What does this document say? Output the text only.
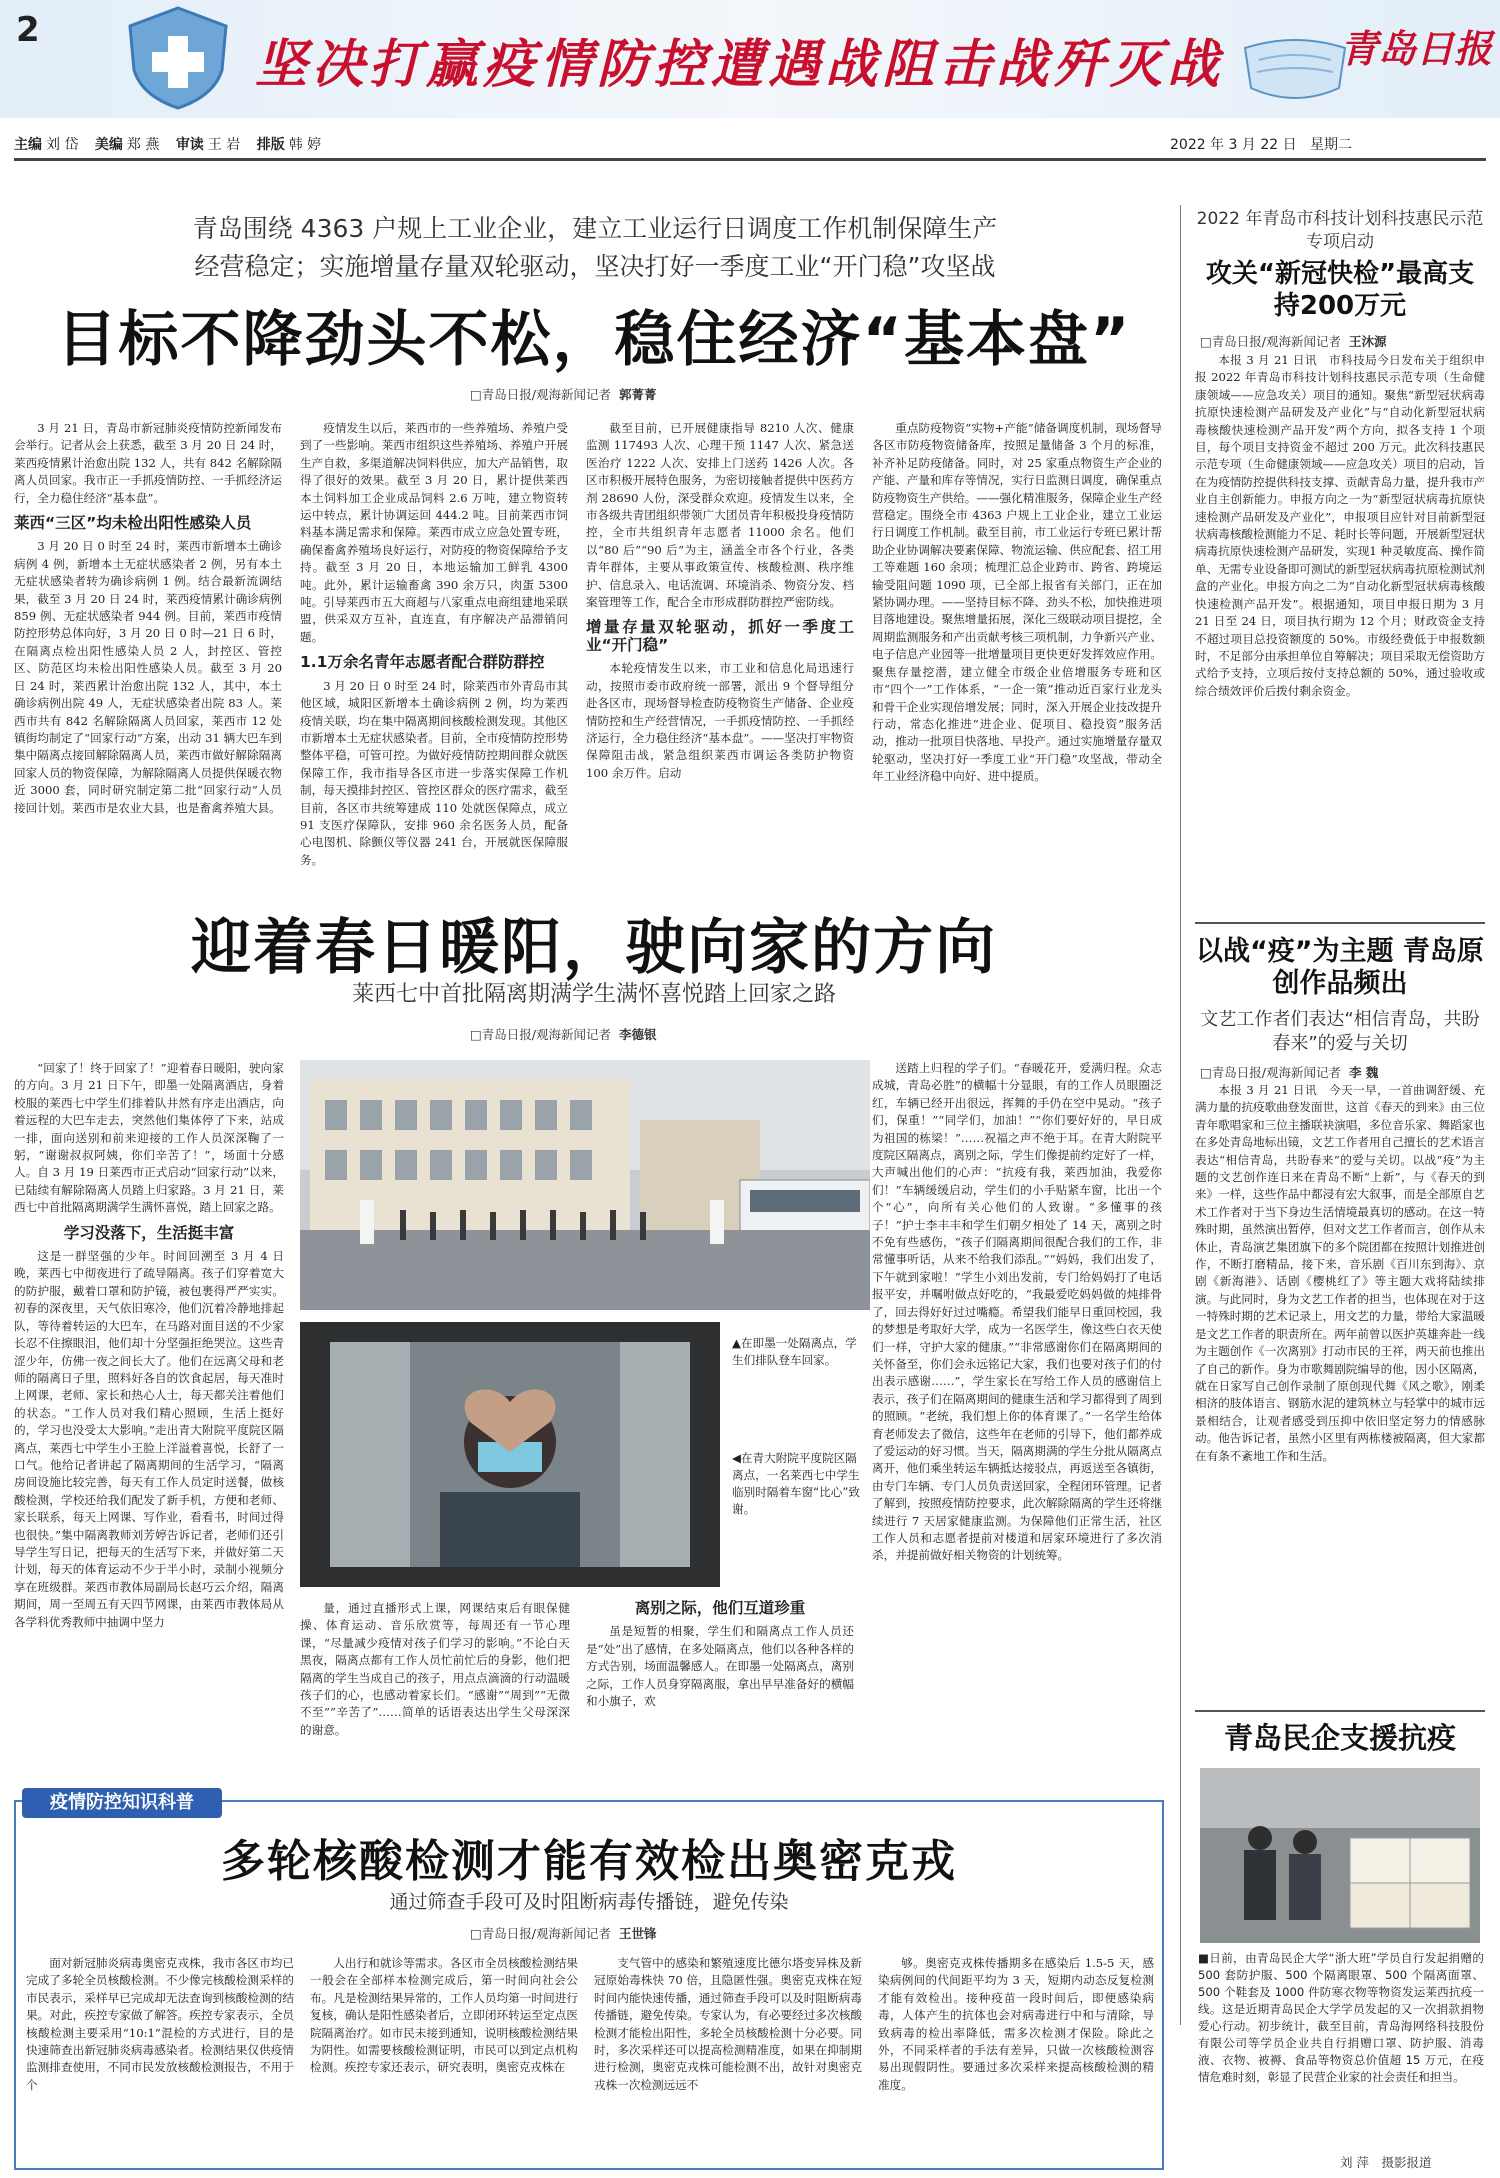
2
坚决打赢疫情防控遭遇战阻击战歼灭战	青岛日报
主编 刘 岱 美编 郑 燕 审读 王 岩 排版 韩 婷	2022 年 3 月 22 日 星期二
青岛围绕 4363 户规上工业企业，建立工业运行日调度工作机制保障生产
经营稳定；实施增量存量双轮驱动，坚决打好一季度工业“开门稳”攻坚战
目标不降劲头不松，稳住经济“基本盘”
□青岛日报/观海新闻记者 郭菁菁

3 月 21 日，青岛市新冠肺炎疫情防控新闻发布会举行。记者从会上获悉，截至 3 月 20 日 24 时，莱西疫情累计治愈出院 132 人，共有 842 名解除隔离人员回家。我市正一手抓疫情防控、一手抓经济运行，全力稳住经济“基本盘”。

莱西“三区”均未检出阳性感染人员

3 月 20 日 0 时至 24 时，莱西市新增本土确诊病例 4 例，新增本土无症状感染者 2 例，另有本土无症状感染者转为确诊病例 1 例。结合最新流调结果，截至 3 月 20 日 24 时，莱西疫情累计确诊病例 859 例、无症状感染者 944 例。目前，莱西市疫情防控形势总体向好，3 月 20 日 0 时—21 日 6 时，在隔离点检出阳性感染人员 2 人，封控区、管控区、防范区均未检出阳性感染人员。截至 3 月 20 日 24 时，莱西累计治愈出院 132 人，其中，本土确诊病例出院 49 人，无症状感染者出院 83 人。莱西市共有 842 名解除隔离人员回家，莱西市 12 处镇街均制定了“回家行动”方案，出动 31 辆大巴车到集中隔离点接回解除隔离人员，莱西市做好解除隔离回家人员的物资保障，为解除隔离人员提供保暖衣物近 3000 套，同时研究制定第二批“回家行动”人员接回计划。莱西市是农业大县，也是畜禽养殖大县。

疫情发生以后，莱西市的一些养殖场、养殖户受到了一些影响。莱西市组织这些养殖场、养殖户开展生产自救，多渠道解决饲料供应，加大产品销售，取得了很好的效果。截至 3 月 20 日，累计提供莱西本土饲料加工企业成品饲料 2.6 万吨，建立物资转运中转点，累计协调运回 444.2 吨。目前莱西市饲料基本满足需求和保障。莱西市成立应急处置专班，确保畜禽养殖场良好运行，对防疫的物资保障给予支持。截至 3 月 20 日，本地运输加工鲜乳 4300 吨。此外，累计运输畜禽 390 余万只，肉蛋 5300 吨。引导莱西市五大商超与八家重点电商组建地采联盟，供采双方互补，直连直，有序解决产品滞销问题。

1.1万余名青年志愿者配合群防群控

3 月 20 日 0 时至 24 时，除莱西市外青岛市其他区域，城阳区新增本土确诊病例 2 例，均为莱西疫情关联，均在集中隔离期间核酸检测发现。其他区市新增本土无症状感染者。目前，全市疫情防控形势整体平稳，可管可控。为做好疫情防控期间群众就医保障工作，我市指导各区市进一步落实保障工作机制，每天摸排封控区、管控区群众的医疗需求，截至目前，各区市共统筹建成 110 处就医保障点，成立 91 支医疗保障队，安排 960 余名医务人员，配备心电图机、除颤仪等仪器 241 台，开展就医保障服务。

截至目前，已开展健康指导 8210 人次、健康监测 117493 人次、心理干预 1147 人次、紧急送医治疗 1222 人次、安排上门送药 1426 人次。各区市积极开展特色服务，为密切接触者提供中医药方剂 28690 人份，深受群众欢迎。疫情发生以来，全市各级共青团组织带领广大团员青年积极投身疫情防控，全市共组织青年志愿者 11000 余名。他们以“80 后”“90 后”为主，涵盖全市各个行业，各类青年群体，主要从事政策宣传、核酸检测、秩序维护、信息录入、电话流调、环境消杀、物资分发、档案管理等工作，配合全市形成群防群控严密防线。

增量存量双轮驱动，抓好一季度工业“开门稳”

本轮疫情发生以来，市工业和信息化局迅速行动，按照市委市政府统一部署，派出 9 个督导组分赴各区市，现场督导检查防疫物资生产储备、企业疫情防控和生产经营情况，一手抓疫情防控、一手抓经济运行，全力稳住经济“基本盘”。——坚决打牢物资保障阻击战，紧急组织莱西市调运各类防护物资 100 余万件。启动

重点防疫物资“实物+产能”储备调度机制，现场督导各区市防疫物资储备库，按照足量储备 3 个月的标准，补齐补足防疫储备。同时，对 25 家重点物资生产企业的产能、产量和库存等情况，实行日监测日调度，确保重点防疫物资生产供给。——强化精准服务，保障企业生产经营稳定。围绕全市 4363 户规上工业企业，建立工业运行日调度工作机制。截至目前，市工业运行专班已累计帮助企业协调解决要素保障、物流运输、供应配套、招工用工等难题 160 余项；梳理汇总企业跨市、跨省、跨境运输受阻问题 1090 项，已全部上报省有关部门，正在加紧协调办理。——坚持目标不降、劲头不松，加快推进项目落地建设。聚焦增量拓展，深化三级联动项目提挖，全周期监测服务和产出贡献考核三项机制，力争新兴产业、电子信息产业园等一批增量项目更快更好发挥效应作用。聚焦存量挖潜，建立健全市级企业倍增服务专班和区市“四个一”工作体系，“一企一策”推动近百家行业龙头和骨干企业实现倍增发展；同时，深入开展企业技改提升行动，常态化推进“进企业、促项目、稳投资”服务活动，推动一批项目快落地、早投产。通过实施增量存量双轮驱动，坚决打好一季度工业“开门稳”攻坚战，带动全年工业经济稳中向好、进中提质。

迎着春日暖阳，驶向家的方向
莱西七中首批隔离期满学生满怀喜悦踏上回家之路
□青岛日报/观海新闻记者 李德银

“回家了！终于回家了！”迎着春日暖阳，驶向家的方向。3 月 21 日下午，即墨一处隔离酒店，身着校服的莱西七中学生们排着队井然有序走出酒店，向着远程的大巴车走去，突然他们集体停了下来，站成一排，面向送别和前来迎接的工作人员深深鞠了一躬，“谢谢叔叔阿姨，你们辛苦了！”，场面十分感人。自 3 月 19 日莱西市正式启动“回家行动”以来，已陆续有解除隔离人员踏上归家路。3 月 21 日，莱西七中首批隔离期满学生满怀喜悦，踏上回家之路。

学习没落下，生活挺丰富

这是一群坚强的少年。时间回溯至 3 月 4 日晚，莱西七中彻夜进行了疏导隔离。孩子们穿着宽大的防护服，戴着口罩和防护镜，被包裹得严严实实。初春的深夜里，天气依旧寒冷，他们沉着冷静地排起队，等待着转运的大巴车，在马路对面目送的不少家长忍不住擦眼泪，他们却十分坚强拒绝哭泣。这些青涩少年，仿佛一夜之间长大了。他们在远离父母和老师的隔离日子里，照料好各自的饮食起居，每天准时上网课，老师、家长和热心人士，每天都关注着他们的状态。“工作人员对我们精心照顾，生活上挺好的，学习也没受太大影响。”走出青大附院平度院区隔离点，莱西七中学生小王脸上洋溢着喜悦，长舒了一口气。他给记者讲起了隔离期间的生活学习，“隔离房间设施比较完善，每天有工作人员定时送餐，做核酸检测，学校还给我们配发了新手机，方便和老师、家长联系，每天上网课、写作业，看看书，时间过得也很快。”集中隔离教师刘芳婷告诉记者，老师们还引导学生写日记，把每天的生活写下来，并做好第二天计划，每天的体育运动不少于半小时，录制小视频分享在班级群。莱西市教体局副局长赵巧云介绍，隔离期间，周一至周五有天四节网课，由莱西市教体局从各学科优秀教师中抽调中坚力

▲在即墨一处隔离点，学生们排队登车回家。
◀在青大附院平度院区隔离点，一名莱西七中学生临别时隔着车窗“比心”致谢。

量，通过直播形式上课，网课结束后有眼保健操、体育运动、音乐欣赏等，每周还有一节心理课，“尽量减少疫情对孩子们学习的影响。”不论白天黑夜，隔离点都有工作人员忙前忙后的身影，他们把隔离的学生当成自己的孩子，用点点滴滴的行动温暖孩子们的心，也感动着家长们。“感谢”“周到”“无微不至”“辛苦了”……简单的话语表达出学生父母深深的谢意。

离别之际，他们互道珍重

虽是短暂的相聚，学生们和隔离点工作人员还是“处”出了感情，在多处隔离点，他们以各种各样的方式告别，场面温馨感人。在即墨一处隔离点，离别之际，工作人员身穿隔离服，拿出早早准备好的横幅和小旗子，欢

送踏上归程的学子们。“春暖花开，爱满归程。众志成城，青岛必胜”的横幅十分显眼，有的工作人员眼圈泛红，车辆已经开出很远，挥舞的手仍在空中晃动。“孩子们，保重！”“同学们，加油！”“你们要好好的，早日成为祖国的栋梁！”……祝福之声不绝于耳。在青大附院平度院区隔离点，离别之际，学生们像提前约定好了一样，大声喊出他们的心声：“抗疫有我，莱西加油，我爱你们！”车辆缓缓启动，学生们的小手贴紧车窗，比出一个个“心”，向所有关心他们的人致谢。“多懂事的孩子！”护士李丰丰和学生们朝夕相处了 14 天，离别之时不免有些感伤，“孩子们隔离期间很配合我们的工作，非常懂事听话，从来不给我们添乱。”“妈妈，我们出发了，下午就到家啦！”学生小刘出发前，专门给妈妈打了电话报平安，并嘱咐做点好吃的，“我最爱吃妈妈做的炖排骨了，回去得好好过过嘴瘾。希望我们能早日重回校园，我的梦想是考取好大学，成为一名医学生，像这些白衣天使们一样，守护大家的健康。”“非常感谢你们在隔离期间的关怀备至，你们会永远铭记大家，我们也要对孩子们的付出表示感谢……”，学生家长在写给工作人员的感谢信上表示，孩子们在隔离期间的健康生活和学习都得到了周到的照顾。“老统，我们想上你的体育课了。”一名学生给体育老师发去了微信，这些年在老师的引导下，他们都养成了爱运动的好习惯。当天，隔离期满的学生分批从隔离点离开，他们乘坐转运车辆抵达接驳点，再返送至各镇街，由专门车辆、专门人员负责送回家，全程闭环管理。记者了解到，按照疫情防控要求，此次解除隔离的学生还将继续进行 7 天居家健康监测。为保障他们正常生活，社区工作人员和志愿者提前对楼道和居家环境进行了多次消杀，并提前做好相关物资的计划统筹。

疫情防控知识科普
多轮核酸检测才能有效检出奥密克戎
通过筛查手段可及时阻断病毒传播链，避免传染
□青岛日报/观海新闻记者 王世锋

面对新冠肺炎病毒奥密克戎株，我市各区市均已完成了多轮全员核酸检测。不少像完核酸检测采样的市民表示，采样早已完成却无法查询到核酸检测的结果。对此，疾控专家做了解答。疾控专家表示，全员核酸检测主要采用“10:1”混检的方式进行，目的是快速筛查出新冠肺炎病毒感染者。检测结果仅供疫情监测排查使用，不同市民发放核酸检测报告，不用于个

人出行和就诊等需求。各区市全员核酸检测结果一般会在全部样本检测完成后，第一时间向社会公布。凡是检测结果异常的，工作人员均第一时间进行复核，确认是阳性感染者后，立即闭环转运至定点医院隔离治疗。如市民未接到通知，说明核酸检测结果为阴性。如需要核酸检测证明，市民可以到定点机构检测。疾控专家还表示，研究表明，奥密克戎株在

支气管中的感染和繁殖速度比德尔塔变异株及新冠原始毒株快 70 倍，且隐匿性强。奥密克戎株在短时间内能快速传播，通过筛查手段可以及时阻断病毒传播链，避免传染。专家认为，有必要经过多次核酸检测才能检出阳性，多轮全员核酸检测十分必要。同时，多次采样还可以提高检测精准度，如果在抑制期进行检测，奥密克戎株可能检测不出，故针对奥密克戎株一次检测远远不

够。奥密克戎株传播期多在感染后 1.5-5 天，感染病例间的代间距平均为 3 天，短期内动态反复检测才能有效检出。接种疫苗一段时间后，即便感染病毒，人体产生的抗体也会对病毒进行中和与清除，导致病毒的检出率降低，需多次检测才保险。除此之外，不同采样者的手法有差异，只做一次核酸检测容易出现假阴性。要通过多次采样来提高核酸检测的精准度。

2022 年青岛市科技计划科技惠民示范专项启动
攻关“新冠快检”最高支持200万元
□青岛日报/观海新闻记者 王沐源

本报 3 月 21 日讯　市科技局今日发布关于组织申报 2022 年青岛市科技计划科技惠民示范专项（生命健康领域——应急攻关）项目的通知。聚焦“新型冠状病毒抗原快速检测产品研发及产业化”与“自动化新型冠状病毒核酸快速检测产品开发”两个方向，拟各支持 1 个项目，每个项目支持资金不超过 200 万元。此次科技惠民示范专项（生命健康领域——应急攻关）项目的启动，旨在为疫情防控提供科技支撑、贡献青岛力量，提升我市产业自主创新能力。申报方向之一为“新型冠状病毒抗原快速检测产品研发及产业化”，申报项目应针对目前新型冠状病毒核酸检测能力不足、耗时长等问题，开展新型冠状病毒抗原快速检测产品研发，实现1 种灵敏度高、操作简单、无需专业设备即可测试的新型冠状病毒抗原检测试剂盒的产业化。申报方向之二为“自动化新型冠状病毒核酸快速检测产品开发”。根据通知，项目申报日期为 3 月 21 日至 24 日，项目执行期为 12 个月；财政资金支持不超过项目总投资额度的 50%。市级经费低于申报数额时，不足部分由承担单位自筹解决；项目采取无偿资助方式给予支持，立项后按付支持总额的 50%，通过验收或综合绩效评价后拨付剩余资金。

以战“疫”为主题 青岛原创作品频出
文艺工作者们表达“相信青岛，共盼春来”的爱与关切
□青岛日报/观海新闻记者 李 魏

本报 3 月 21 日讯　今天一早，一首曲调舒缓、充满力量的抗疫歌曲登发面世，这首《春天的到来》由三位青年歌唱家和三位主播联袂演唱，多位音乐家、舞蹈家也在多处青岛地标出镜，文艺工作者用自己擅长的艺术语言表达“相信青岛，共盼春来”的爱与关切。以战“疫”为主题的文艺创作连日来在青岛不断“上新”，与《春天的到来》一样，这些作品中都浸有宏大叙事，而是全部原自艺术工作者对于当下身边生活情境最真切的感动。在这一特殊时期，虽然演出暂停，但对文艺工作者而言，创作从未休止，青岛演艺集团旗下的多个院团都在按照计划推进创作，不断打磨精品，接下来，音乐剧《百川东到海》、京剧《新海港》、话剧《樱桃红了》等主题大戏将陆续排演。与此同时，身为文艺工作者的担当，也体现在对于这一特殊时期的艺术记录上，用文艺的力量，带给大家温暖是文艺工作者的职责所在。两年前曾以医护英雄奔赴一线为主题创作《一次离别》打动市民的王祥，两天前也推出了自己的新作。身为市歌舞剧院编导的他，因小区隔离，就在日家写自己创作录制了原创现代舞《风之歌》，刚柔相济的肢体语言、钢筋水泥的建筑林立与轻掌中的城市远景相结合，让观者感受到压抑中依旧坚定努力的情感脉动。他告诉记者，虽然小区里有两栋楼被隔离，但大家都在有条不紊地工作和生活。

青岛民企支援抗疫
■日前，由青岛民企大学“浙大班”学员自行发起捐赠的 500 套防护服、500 个隔离眼罩、500 个隔离面罩、500 个鞋套及 1000 件防寒衣物等物资发运莱西抗疫一线。这是近期青岛民企大学学员发起的又一次捐款捐物爱心行动。初步统计，截至目前，青岛海网络科技股份有限公司等学员企业共自行捐赠口罩、防护服、消毒液、衣物、被褥、食品等物资总价值超 15 万元，在疫情危难时刻，彰显了民营企业家的社会责任和担当。
刘 萍　摄影报道
